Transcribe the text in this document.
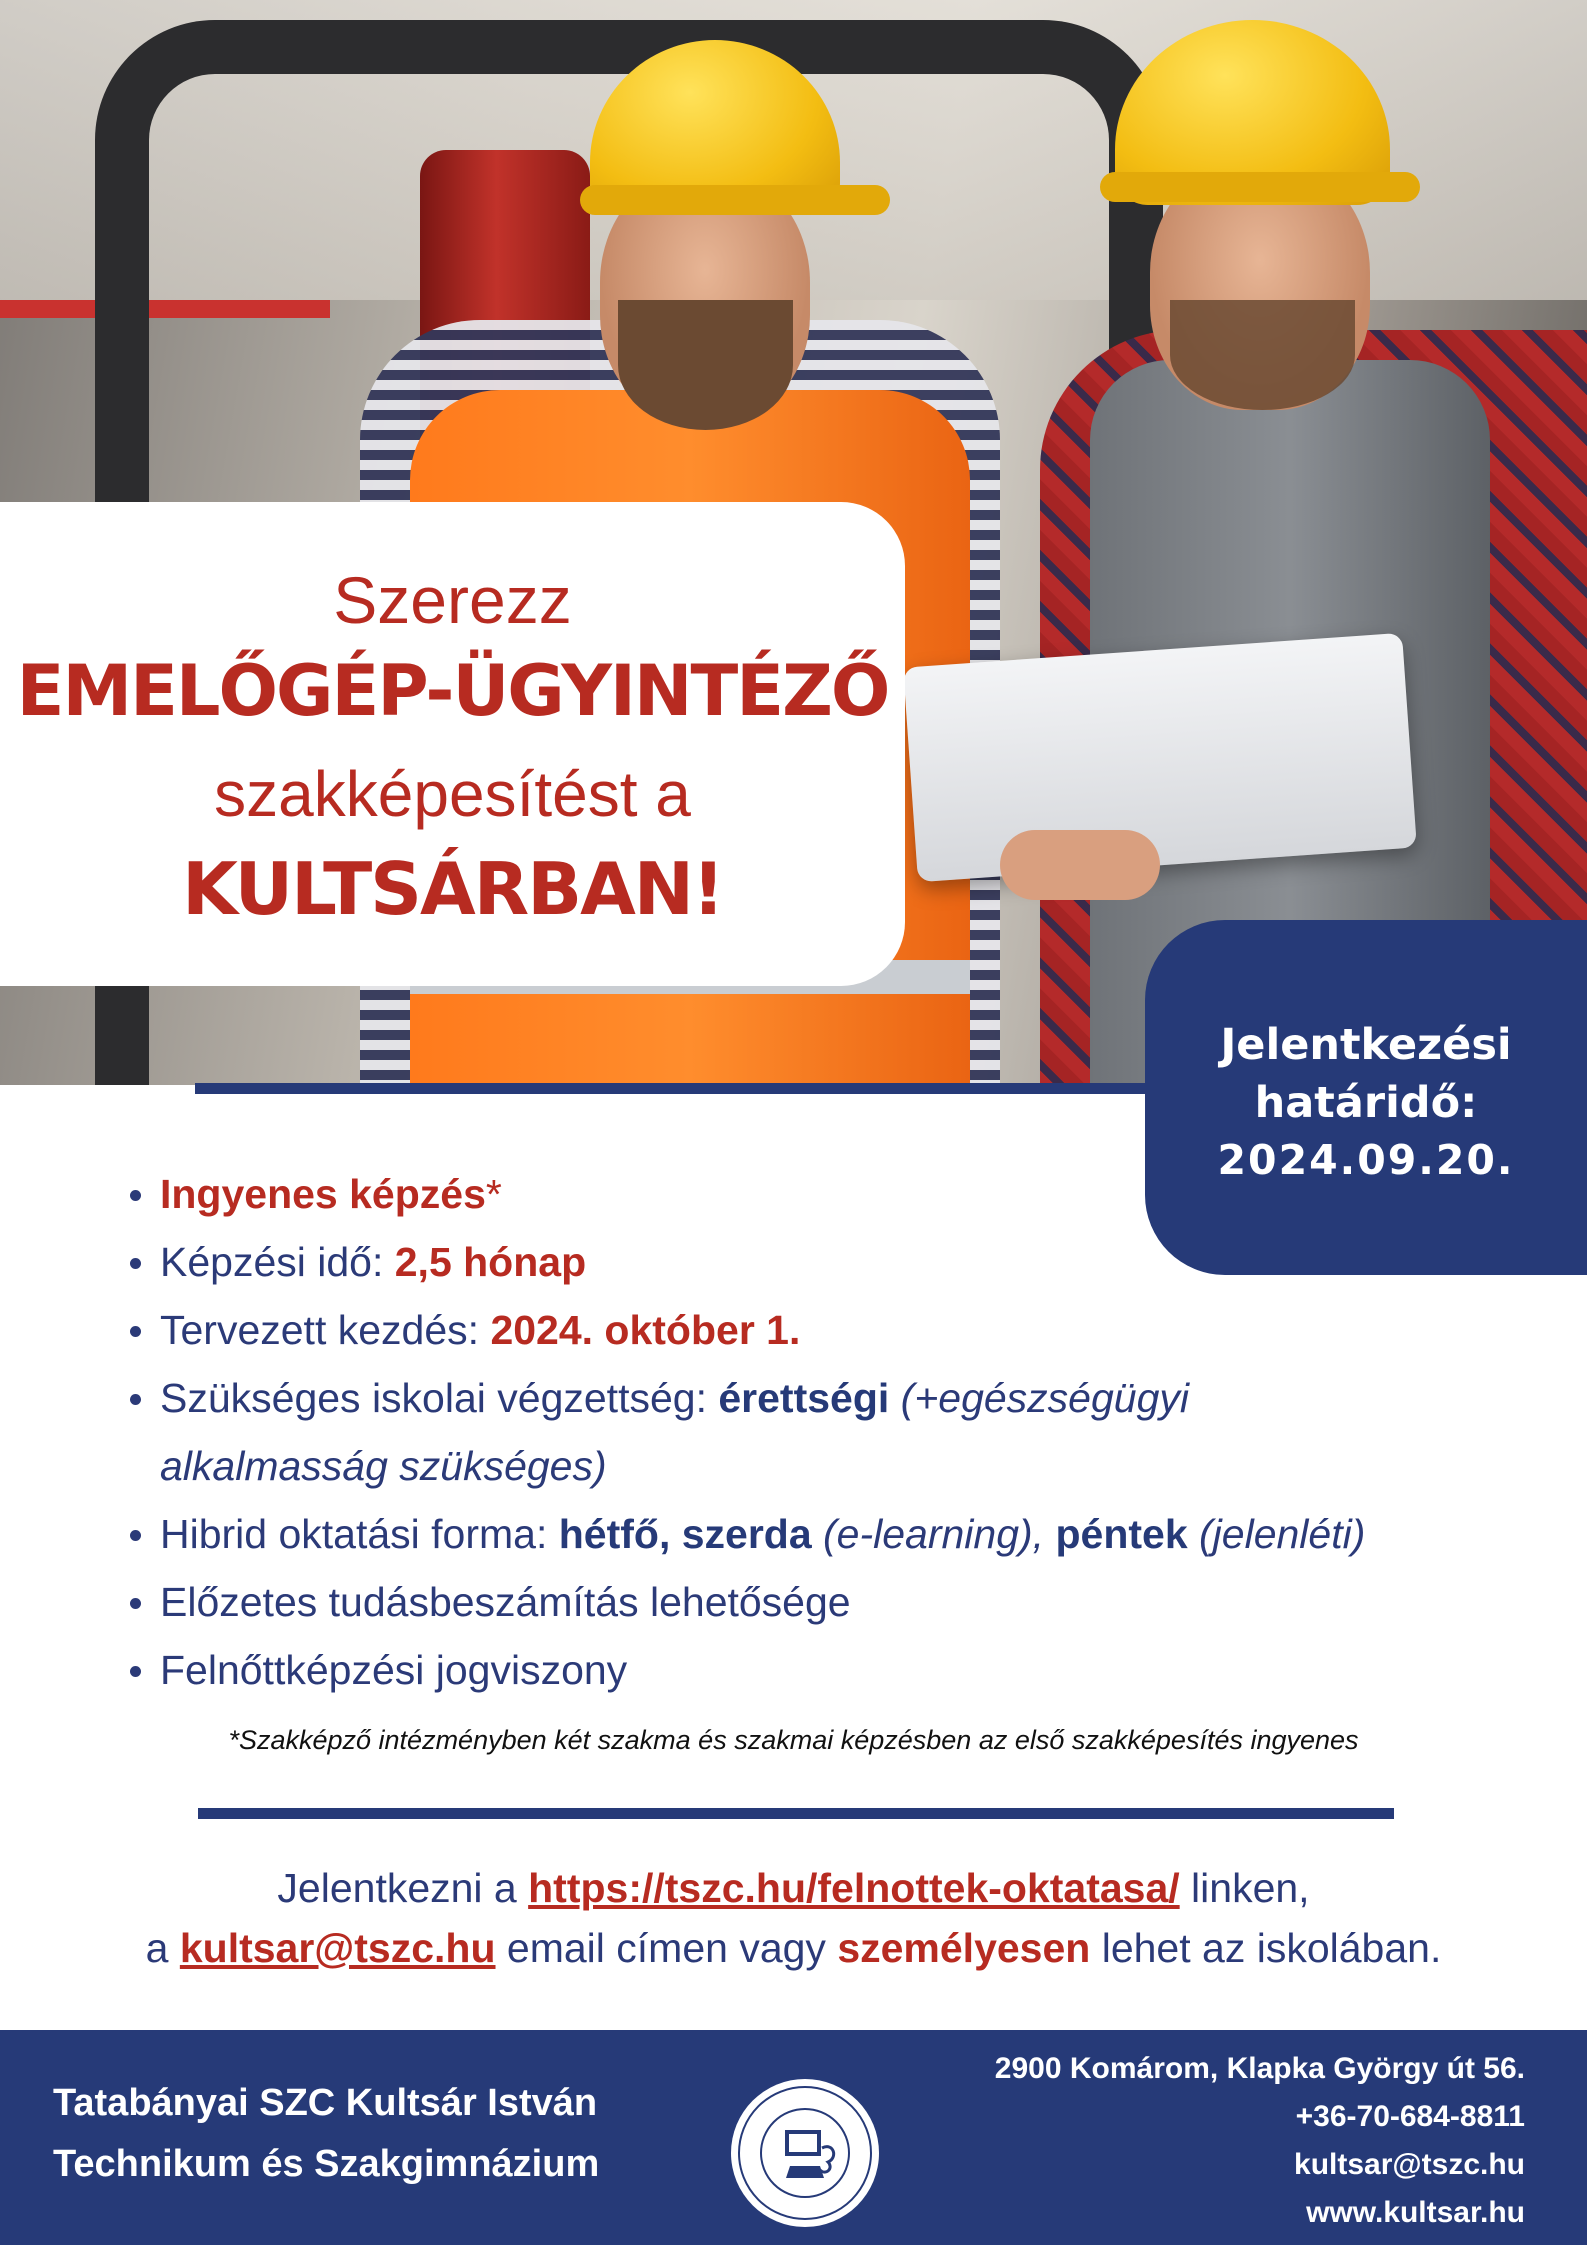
Szerezz
EMELŐGÉP-ÜGYINTÉZŐ
szakképesítést a
KULTSÁRBAN!
Jelentkezési
határidő:
2024.09.20.
Ingyenes képzés*
Képzési idő: 2,5 hónap
Tervezett kezdés: 2024. október 1.
Szükséges iskolai végzettség: érettségi (+egészségügyi
alkalmasság szükséges)
Hibrid oktatási forma: hétfő, szerda (e-learning), péntek (jelenléti)
Előzetes tudásbeszámítás lehetősége
Felnőttképzési jogviszony
*Szakképző intézményben két szakma és szakmai képzésben az első szakképesítés ingyenes
Jelentkezni a https://tszc.hu/felnottek-oktatasa/ linken,
a kultsar@tszc.hu email címen vagy személyesen lehet az iskolában.
Tatabányai SZC Kultsár István
Technikum és Szakgimnázium
2900 Komárom, Klapka György út 56.
+36-70-684-8811
kultsar@tszc.hu
www.kultsar.hu
